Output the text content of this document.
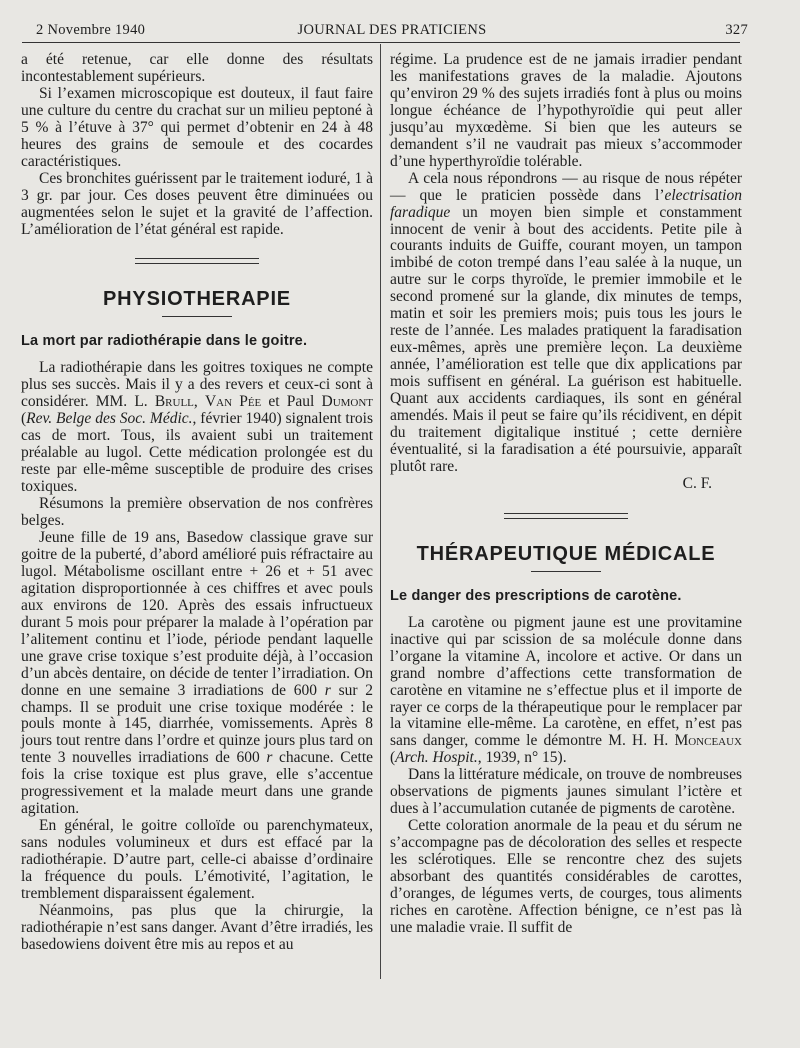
2 Novembre 1940	JOURNAL DES PRATICIENS	327

a été retenue, car elle donne des résultats incontestablement supérieurs.

Si l’examen microscopique est douteux, il faut faire une culture du centre du crachat sur un milieu peptoné à 5 % à l’étuve à 37° qui permet d’obtenir en 24 à 48 heures des grains de semoule et des cocardes caractéristiques.

Ces bronchites guérissent par le traitement ioduré, 1 à 3 gr. par jour. Ces doses peuvent être diminuées ou augmentées selon le sujet et la gravité de l’affection. L’amélioration de l’état général est rapide.

PHYSIOTHERAPIE
La mort par radiothérapie dans le goitre.

La radiothérapie dans les goitres toxiques ne compte plus ses succès. Mais il y a des revers et ceux-ci sont à considérer. MM. L. Brull, Van Pée et Paul Dumont (Rev. Belge des Soc. Médic., février 1940) signalent trois cas de mort. Tous, ils avaient subi un traitement préalable au lugol. Cette médication prolongée est du reste par elle-même susceptible de produire des crises toxiques.

Résumons la première observation de nos confrères belges.

Jeune fille de 19 ans, Basedow classique grave sur goitre de la puberté, d’abord amélioré puis réfractaire au lugol. Métabolisme oscillant entre + 26 et + 51 avec agitation disproportionnée à ces chiffres et avec pouls aux environs de 120. Après des essais infructueux durant 5 mois pour préparer la malade à l’opération par l’alitement continu et l’iode, période pendant laquelle une grave crise toxique s’est produite déjà, à l’occasion d’un abcès dentaire, on décide de tenter l’irradiation. On donne en une semaine 3 irradiations de 600 r sur 2 champs. Il se produit une crise toxique modérée : le pouls monte à 145, diarrhée, vomissements. Après 8 jours tout rentre dans l’ordre et quinze jours plus tard on tente 3 nouvelles irradiations de 600 r chacune. Cette fois la crise toxique est plus grave, elle s’accentue progressivement et la malade meurt dans une grande agitation.

En général, le goitre colloïde ou parenchymateux, sans nodules volumineux et durs est effacé par la radiothérapie. D’autre part, celle-ci abaisse d’ordinaire la fréquence du pouls. L’émotivité, l’agitation, le tremblement disparaissent également.

Néanmoins, pas plus que la chirurgie, la radiothérapie n’est sans danger. Avant d’être irradiés, les basedowiens doivent être mis au repos et au

régime. La prudence est de ne jamais irradier pendant les manifestations graves de la maladie. Ajoutons qu’environ 29 % des sujets irradiés font à plus ou moins longue échéance de l’hypothyroïdie qui peut aller jusqu’au myxœdème. Si bien que les auteurs se demandent s’il ne vaudrait pas mieux s’accommoder d’une hyperthyroïdie tolérable.

A cela nous répondrons — au risque de nous répéter — que le praticien possède dans l’electrisation faradique un moyen bien simple et constamment innocent de venir à bout des accidents. Petite pile à courants induits de Guiffe, courant moyen, un tampon imbibé de coton trempé dans l’eau salée à la nuque, un autre sur le corps thyroïde, le premier immobile et le second promené sur la glande, dix minutes de temps, matin et soir les premiers mois; puis tous les jours le reste de l’année. Les malades pratiquent la faradisation eux-mêmes, après une première leçon. La deuxième année, l’amélioration est telle que dix applications par mois suffisent en général. La guérison est habituelle. Quant aux accidents cardiaques, ils sont en général amendés. Mais il peut se faire qu’ils récidivent, en dépit du traitement digitalique institué ; cette dernière éventualité, si la faradisation a été poursuivie, apparaît plutôt rare.

C. F.

THÉRAPEUTIQUE MÉDICALE
Le danger des prescriptions de carotène.

La carotène ou pigment jaune est une provitamine inactive qui par scission de sa molécule donne dans l’organe la vitamine A, incolore et active. Or dans un grand nombre d’affections cette transformation de carotène en vitamine ne s’effectue plus et il importe de rayer ce corps de la thérapeutique pour le remplacer par la vitamine elle-même. La carotène, en effet, n’est pas sans danger, comme le démontre M. H. H. Monceaux (Arch. Hospit., 1939, n° 15).

Dans la littérature médicale, on trouve de nombreuses observations de pigments jaunes simulant l’ictère et dues à l’accumulation cutanée de pigments de carotène.

Cette coloration anormale de la peau et du sérum ne s’accompagne pas de décoloration des selles et respecte les sclérotiques. Elle se rencontre chez des sujets absorbant des quantités considérables de carottes, d’oranges, de légumes verts, de courges, tous aliments riches en carotène. Affection bénigne, ce n’est pas là une maladie vraie. Il suffit de
